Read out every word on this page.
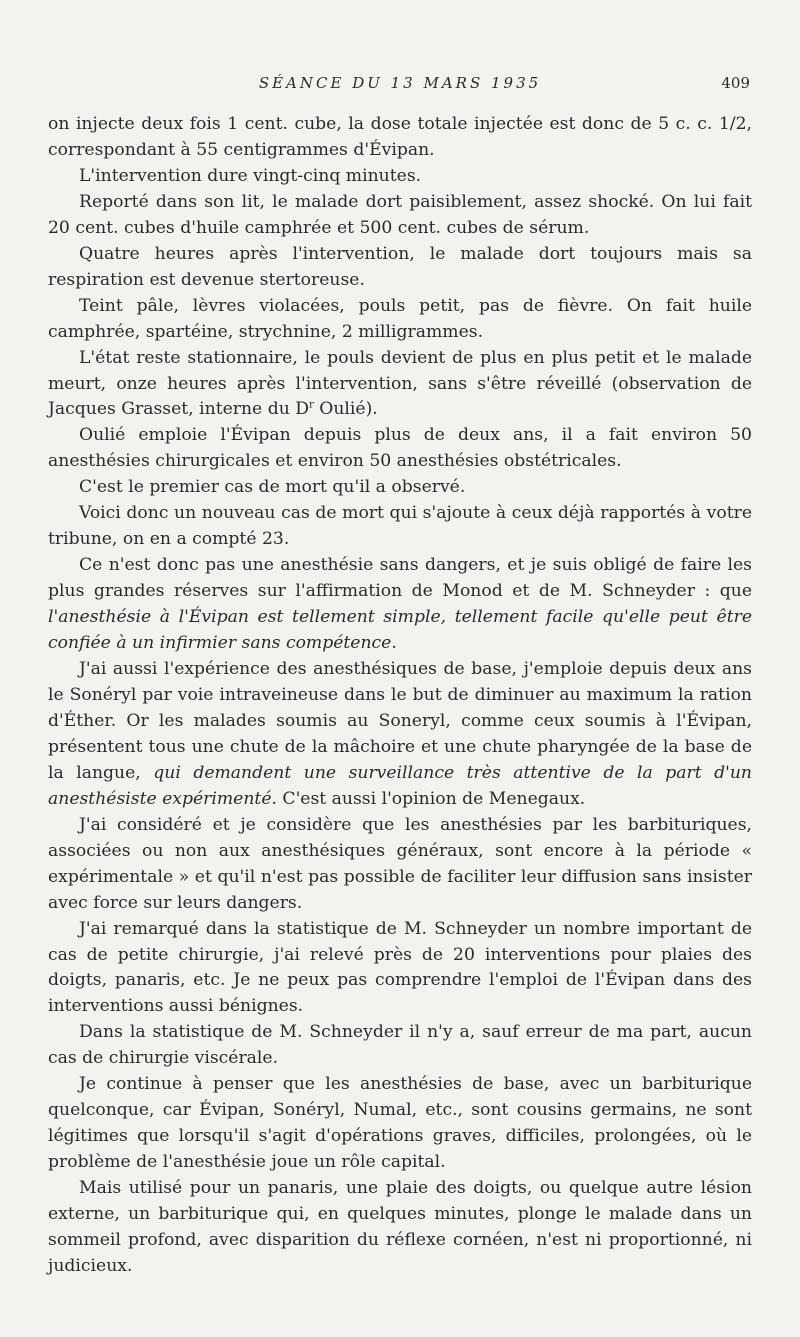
SÉANCE DU 13 MARS 1935	409

on injecte deux fois 1 cent. cube, la dose totale injectée est donc de 5 c. c. 1/2, correspondant à 55 centigrammes d'Évipan.

L'intervention dure vingt-cinq minutes.

Reporté dans son lit, le malade dort paisiblement, assez shocké. On lui fait 20 cent. cubes d'huile camphrée et 500 cent. cubes de sérum.

Quatre heures après l'intervention, le malade dort toujours mais sa respiration est devenue stertoreuse.

Teint pâle, lèvres violacées, pouls petit, pas de fièvre. On fait huile camphrée, spartéine, strychnine, 2 milligrammes.

L'état reste stationnaire, le pouls devient de plus en plus petit et le malade meurt, onze heures après l'intervention, sans s'être réveillé (observation de Jacques Grasset, interne du $D^r$ Oulié).

Oulié emploie l'Évipan depuis plus de deux ans, il a fait environ 50 anesthésies chirurgicales et environ 50 anesthésies obstétricales.

C'est le premier cas de mort qu'il a observé.

Voici donc un nouveau cas de mort qui s'ajoute à ceux déjà rapportés à votre tribune, on en a compté 23.

Ce n'est donc pas une anesthésie sans dangers, et je suis obligé de faire les plus grandes réserves sur l'affirmation de Monod et de M. Schneyder : que l'anesthésie à l'Évipan est tellement simple, tellement facile qu'elle peut être confiée à un infirmier sans compétence.

J'ai aussi l'expérience des anesthésiques de base, j'emploie depuis deux ans le Sonéryl par voie intraveineuse dans le but de diminuer au maximum la ration d'Éther. Or les malades soumis au Soneryl, comme ceux soumis à l'Évipan, présentent tous une chute de la mâchoire et une chute pharyngée de la base de la langue, qui demandent une surveillance très attentive de la part d'un anesthésiste expérimenté. C'est aussi l'opinion de Menegaux.

J'ai considéré et je considère que les anesthésies par les barbituriques, associées ou non aux anesthésiques généraux, sont encore à la période « expérimentale » et qu'il n'est pas possible de faciliter leur diffusion sans insister avec force sur leurs dangers.

J'ai remarqué dans la statistique de M. Schneyder un nombre important de cas de petite chirurgie, j'ai relevé près de 20 interventions pour plaies des doigts, panaris, etc. Je ne peux pas comprendre l'emploi de l'Évipan dans des interventions aussi bénignes.

Dans la statistique de M. Schneyder il n'y a, sauf erreur de ma part, aucun cas de chirurgie viscérale.

Je continue à penser que les anesthésies de base, avec un barbiturique quelconque, car Évipan, Sonéryl, Numal, etc., sont cousins germains, ne sont légitimes que lorsqu'il s'agit d'opérations graves, difficiles, prolongées, où le problème de l'anesthésie joue un rôle capital.

Mais utilisé pour un panaris, une plaie des doigts, ou quelque autre lésion externe, un barbiturique qui, en quelques minutes, plonge le malade dans un sommeil profond, avec disparition du réflexe cornéen, n'est ni proportionné, ni judicieux.
